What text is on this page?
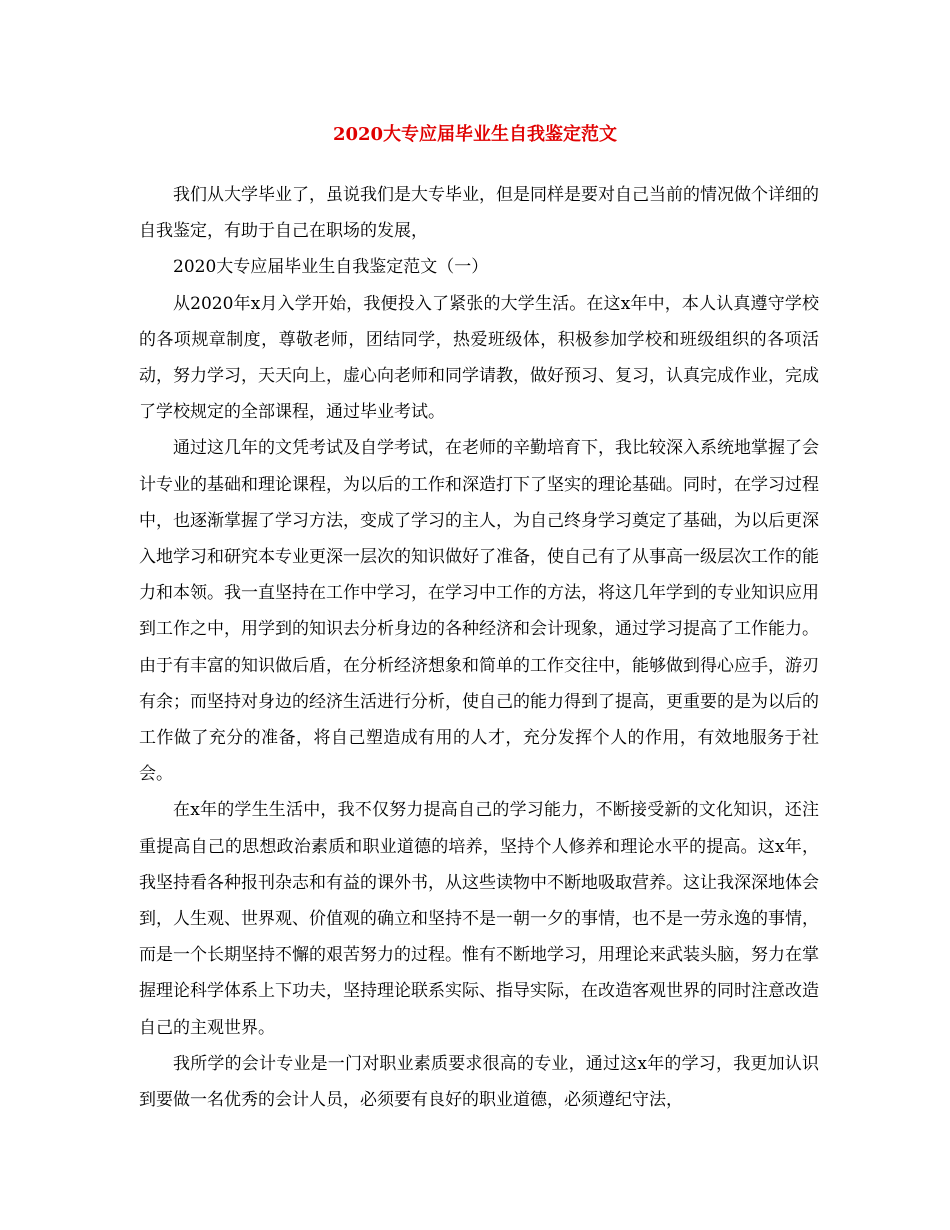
2020大专应届毕业生自我鉴定范文

我们从大学毕业了，虽说我们是大专毕业，但是同样是要对自己当前的情况做个详细的自我鉴定，有助于自己在职场的发展，

2020大专应届毕业生自我鉴定范文（一）

从2020年x月入学开始，我便投入了紧张的大学生活。在这x年中，本人认真遵守学校的各项规章制度，尊敬老师，团结同学，热爱班级体，积极参加学校和班级组织的各项活动，努力学习，天天向上，虚心向老师和同学请教，做好预习、复习，认真完成作业，完成了学校规定的全部课程，通过毕业考试。

通过这几年的文凭考试及自学考试，在老师的辛勤培育下，我比较深入系统地掌握了会计专业的基础和理论课程，为以后的工作和深造打下了坚实的理论基础。同时，在学习过程中，也逐渐掌握了学习方法，变成了学习的主人，为自己终身学习奠定了基础，为以后更深入地学习和研究本专业更深一层次的知识做好了准备，使自己有了从事高一级层次工作的能力和本领。我一直坚持在工作中学习，在学习中工作的方法，将这几年学到的专业知识应用到工作之中，用学到的知识去分析身边的各种经济和会计现象，通过学习提高了工作能力。由于有丰富的知识做后盾，在分析经济想象和简单的工作交往中，能够做到得心应手，游刃有余；而坚持对身边的经济生活进行分析，使自己的能力得到了提高，更重要的是为以后的工作做了充分的准备，将自己塑造成有用的人才，充分发挥个人的作用，有效地服务于社会。

在x年的学生生活中，我不仅努力提高自己的学习能力，不断接受新的文化知识，还注重提高自己的思想政治素质和职业道德的培养，坚持个人修养和理论水平的提高。这x年，我坚持看各种报刊杂志和有益的课外书，从这些读物中不断地吸取营养。这让我深深地体会到，人生观、世界观、价值观的确立和坚持不是一朝一夕的事情，也不是一劳永逸的事情，而是一个长期坚持不懈的艰苦努力的过程。惟有不断地学习，用理论来武装头脑，努力在掌握理论科学体系上下功夫，坚持理论联系实际、指导实际，在改造客观世界的同时注意改造自己的主观世界。

我所学的会计专业是一门对职业素质要求很高的专业，通过这x年的学习，我更加认识到要做一名优秀的会计人员，必须要有良好的职业道德，必须遵纪守法，
